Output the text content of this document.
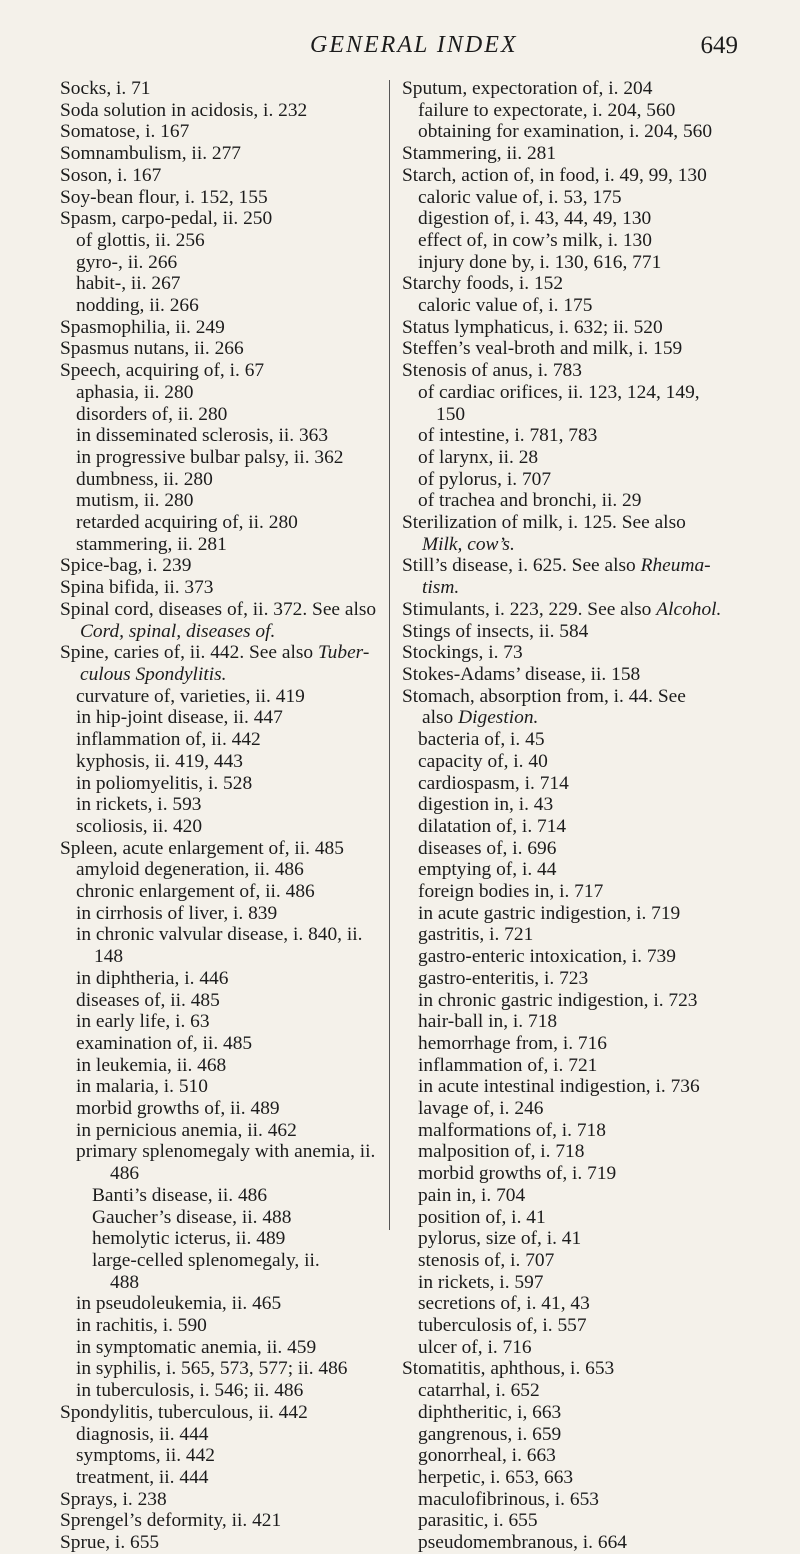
GENERAL INDEX	649

Socks, i. 71

Soda solution in acidosis, i. 232

Somatose, i. 167

Somnambulism, ii. 277

Soson, i. 167

Soy-bean flour, i. 152, 155

Spasm, carpo-pedal, ii. 250

of glottis, ii. 256

gyro-, ii. 266

habit-, ii. 267

nodding, ii. 266

Spasmophilia, ii. 249

Spasmus nutans, ii. 266

Speech, acquiring of, i. 67

aphasia, ii. 280

disorders of, ii. 280

in disseminated sclerosis, ii. 363

in progressive bulbar palsy, ii. 362

dumbness, ii. 280

mutism, ii. 280

retarded acquiring of, ii. 280

stammering, ii. 281

Spice-bag, i. 239

Spina bifida, ii. 373

Spinal cord, diseases of, ii. 372. See also

Cord, spinal, diseases of.

Spine, caries of, ii. 442. See also Tuber-

culous Spondylitis.

curvature of, varieties, ii. 419

in hip-joint disease, ii. 447

inflammation of, ii. 442

kyphosis, ii. 419, 443

in poliomyelitis, i. 528

in rickets, i. 593

scoliosis, ii. 420

Spleen, acute enlargement of, ii. 485

amyloid degeneration, ii. 486

chronic enlargement of, ii. 486

in cirrhosis of liver, i. 839

in chronic valvular disease, i. 840, ii.

148

in diphtheria, i. 446

diseases of, ii. 485

in early life, i. 63

examination of, ii. 485

in leukemia, ii. 468

in malaria, i. 510

morbid growths of, ii. 489

in pernicious anemia, ii. 462

primary splenomegaly with anemia, ii.

486

Banti’s disease, ii. 486

Gaucher’s disease, ii. 488

hemolytic icterus, ii. 489

large-celled splenomegaly, ii.

488

in pseudoleukemia, ii. 465

in rachitis, i. 590

in symptomatic anemia, ii. 459

in syphilis, i. 565, 573, 577; ii. 486

in tuberculosis, i. 546; ii. 486

Spondylitis, tuberculous, ii. 442

diagnosis, ii. 444

symptoms, ii. 442

treatment, ii. 444

Sprays, i. 238

Sprengel’s deformity, ii. 421

Sprue, i. 655

Sputum, expectoration of, i. 204

failure to expectorate, i. 204, 560

obtaining for examination, i. 204, 560

Stammering, ii. 281

Starch, action of, in food, i. 49, 99, 130

caloric value of, i. 53, 175

digestion of, i. 43, 44, 49, 130

effect of, in cow’s milk, i. 130

injury done by, i. 130, 616, 771

Starchy foods, i. 152

caloric value of, i. 175

Status lymphaticus, i. 632; ii. 520

Steffen’s veal-broth and milk, i. 159

Stenosis of anus, i. 783

of cardiac orifices, ii. 123, 124, 149,

150

of intestine, i. 781, 783

of larynx, ii. 28

of pylorus, i. 707

of trachea and bronchi, ii. 29

Sterilization of milk, i. 125. See also

Milk, cow’s.

Still’s disease, i. 625. See also Rheuma-

tism.

Stimulants, i. 223, 229. See also Alcohol.

Stings of insects, ii. 584

Stockings, i. 73

Stokes-Adams’ disease, ii. 158

Stomach, absorption from, i. 44. See

also Digestion.

bacteria of, i. 45

capacity of, i. 40

cardiospasm, i. 714

digestion in, i. 43

dilatation of, i. 714

diseases of, i. 696

emptying of, i. 44

foreign bodies in, i. 717

in acute gastric indigestion, i. 719

gastritis, i. 721

gastro-enteric intoxication, i. 739

gastro-enteritis, i. 723

in chronic gastric indigestion, i. 723

hair-ball in, i. 718

hemorrhage from, i. 716

inflammation of, i. 721

in acute intestinal indigestion, i. 736

lavage of, i. 246

malformations of, i. 718

malposition of, i. 718

morbid growths of, i. 719

pain in, i. 704

position of, i. 41

pylorus, size of, i. 41

stenosis of, i. 707

in rickets, i. 597

secretions of, i. 41, 43

tuberculosis of, i. 557

ulcer of, i. 716

Stomatitis, aphthous, i. 653

catarrhal, i. 652

diphtheritic, i, 663

gangrenous, i. 659

gonorrheal, i. 663

herpetic, i. 653, 663

maculofibrinous, i. 653

parasitic, i. 655

pseudomembranous, i. 664
